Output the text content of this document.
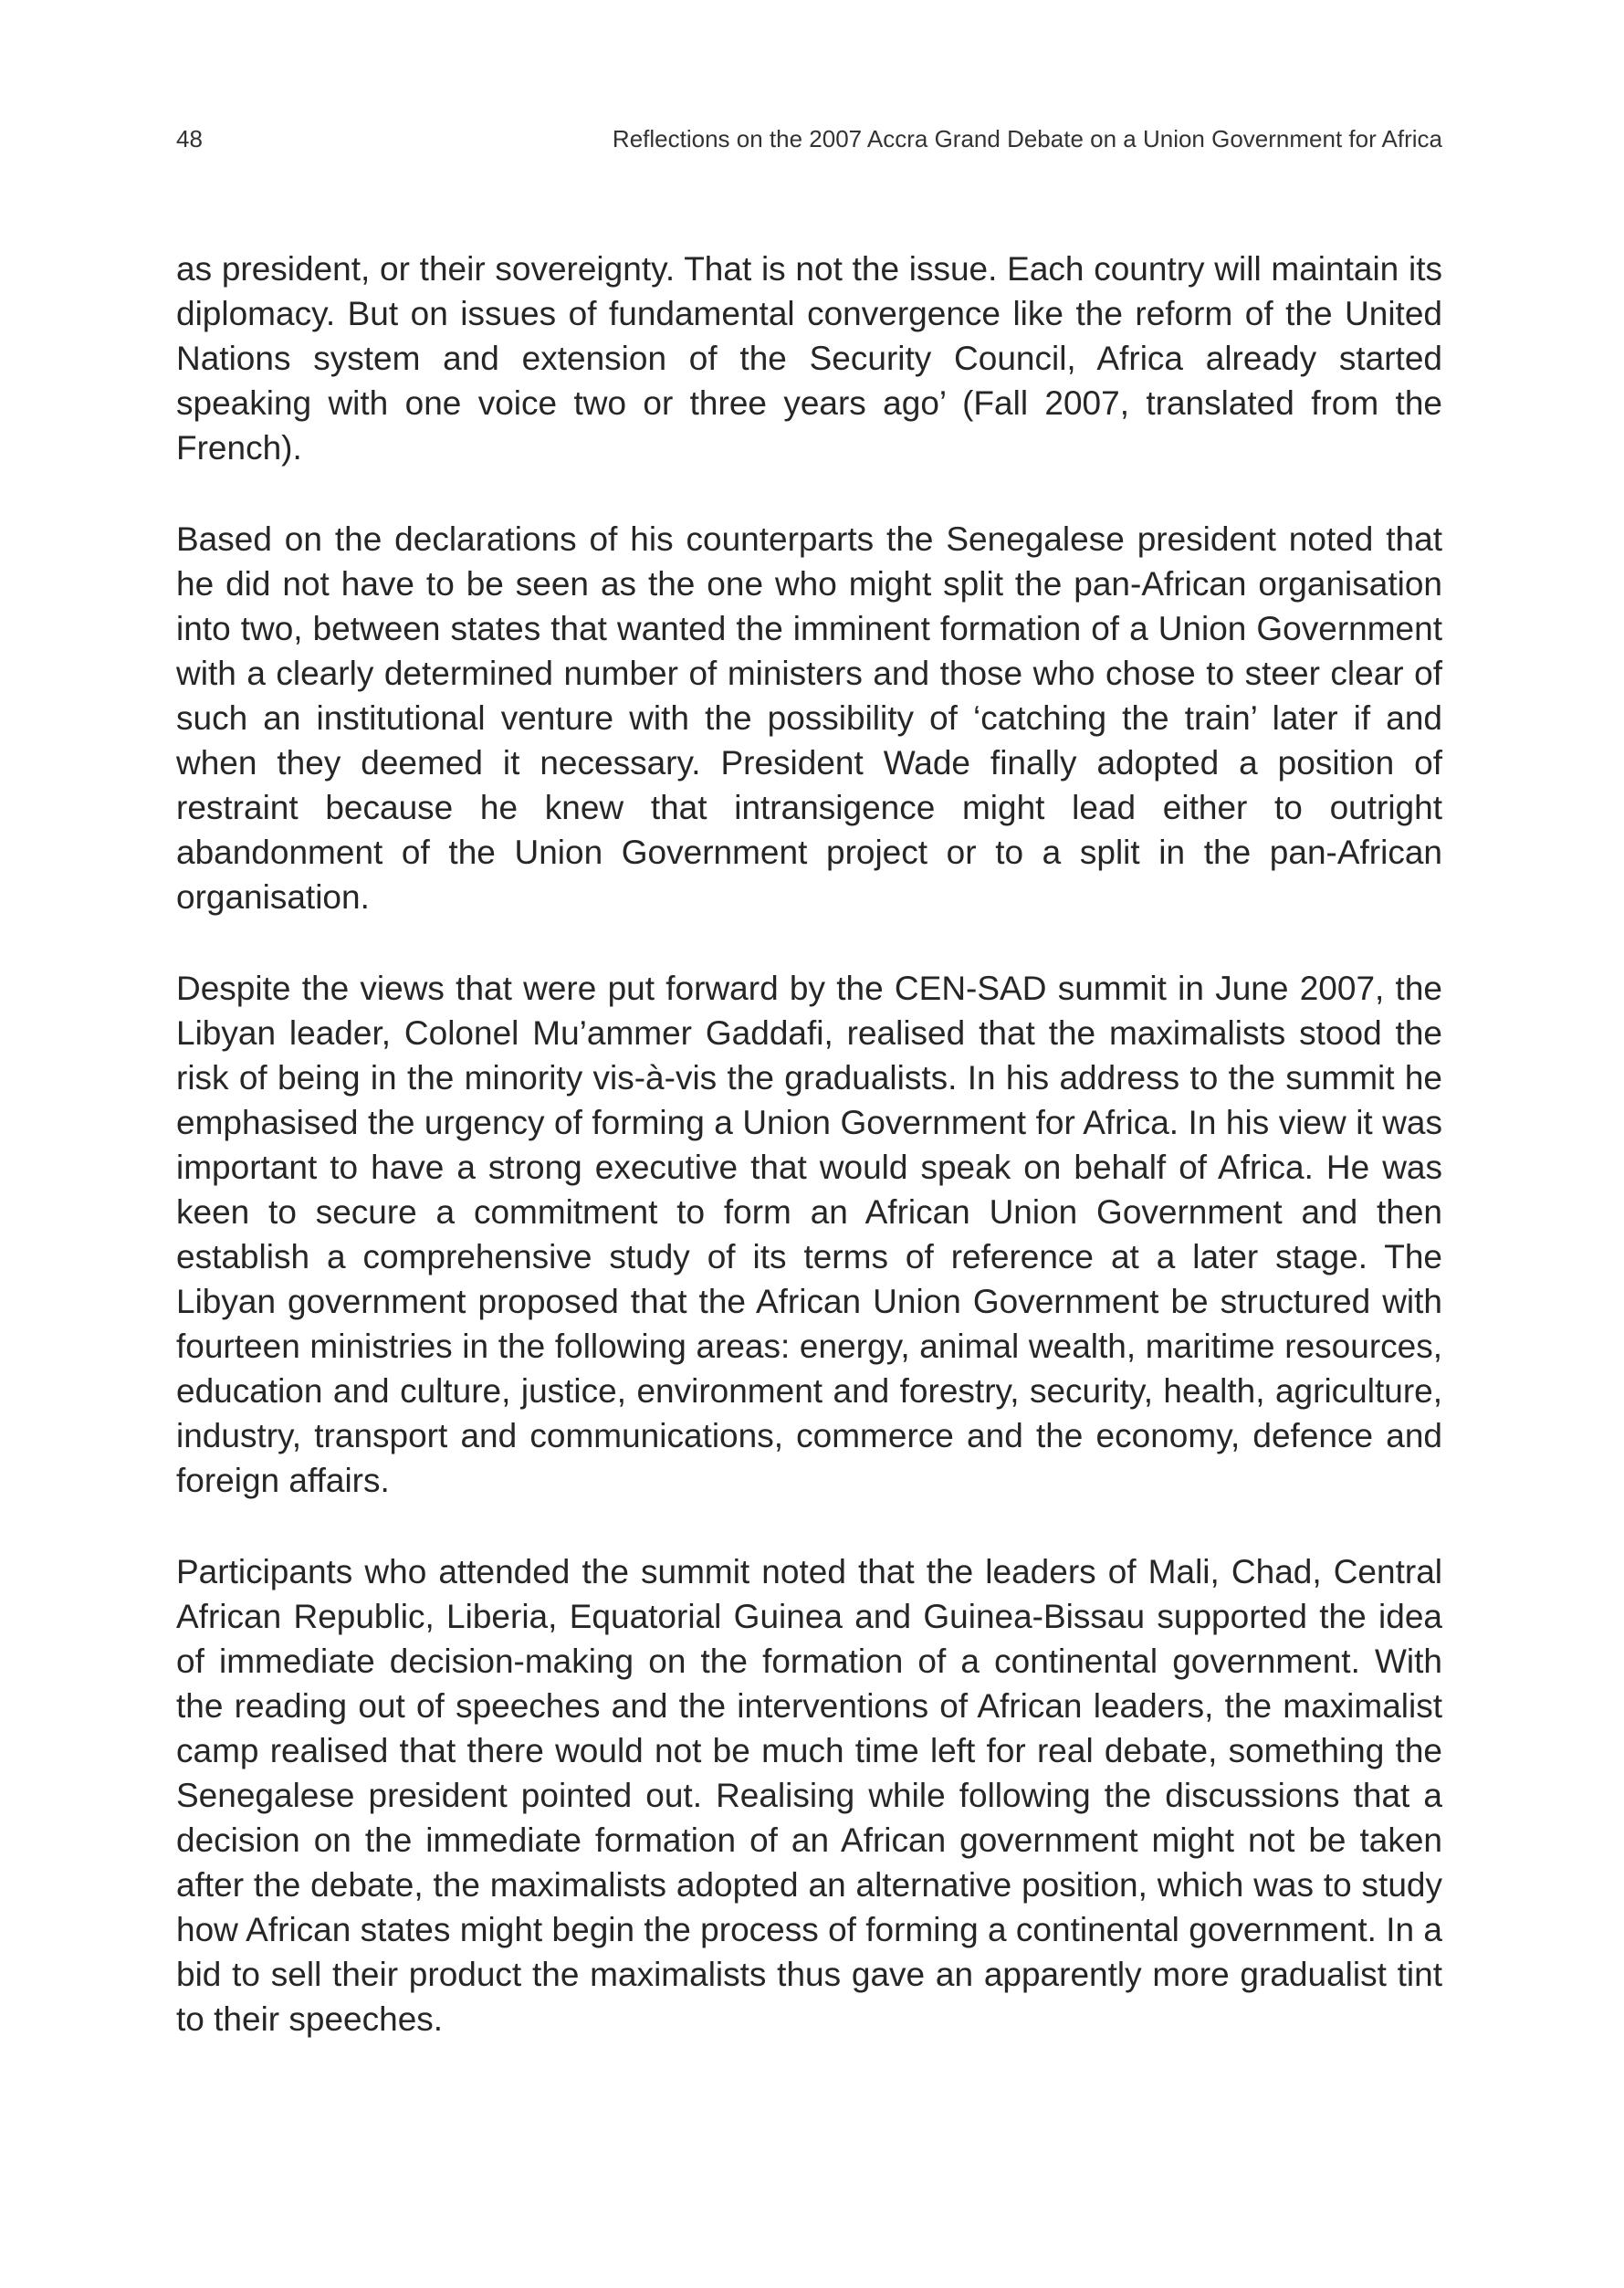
48	Reflections on the 2007 Accra Grand Debate on a Union Government for Africa

as president, or their sovereignty. That is not the issue. Each country will maintain its diplomacy. But on issues of fundamental convergence like the reform of the United Nations system and extension of the Security Council, Africa already started speaking with one voice two or three years ago’ (Fall 2007, translated from the French).

Based on the declarations of his counterparts the Senegalese president noted that he did not have to be seen as the one who might split the pan-African organisation into two, between states that wanted the imminent formation of a Union Government with a clearly determined number of ministers and those who chose to steer clear of such an institutional venture with the possibility of ‘catching the train’ later if and when they deemed it necessary. President Wade finally adopted a position of restraint because he knew that intransigence might lead either to outright abandonment of the Union Government project or to a split in the pan-African organisation.

Despite the views that were put forward by the CEN-SAD summit in June 2007, the Libyan leader, Colonel Mu’ammer Gaddafi, realised that the maximalists stood the risk of being in the minority vis-à-vis the gradualists. In his address to the summit he emphasised the urgency of forming a Union Government for Africa. In his view it was important to have a strong executive that would speak on behalf of Africa. He was keen to secure a commitment to form an African Union Government and then establish a comprehensive study of its terms of reference at a later stage. The Libyan government proposed that the African Union Government be structured with fourteen ministries in the following areas: energy, animal wealth, maritime resources, education and culture, justice, environment and forestry, security, health, agriculture, industry, transport and communications, commerce and the economy, defence and foreign affairs.

Participants who attended the summit noted that the leaders of Mali, Chad, Central African Republic, Liberia, Equatorial Guinea and Guinea-Bissau supported the idea of immediate decision-making on the formation of a continental government. With the reading out of speeches and the interventions of African leaders, the maximalist camp realised that there would not be much time left for real debate, something the Senegalese president pointed out. Realising while following the discussions that a decision on the immediate formation of an African government might not be taken after the debate, the maximalists adopted an alternative position, which was to study how African states might begin the process of forming a continental government. In a bid to sell their product the maximalists thus gave an apparently more gradualist tint to their speeches.
